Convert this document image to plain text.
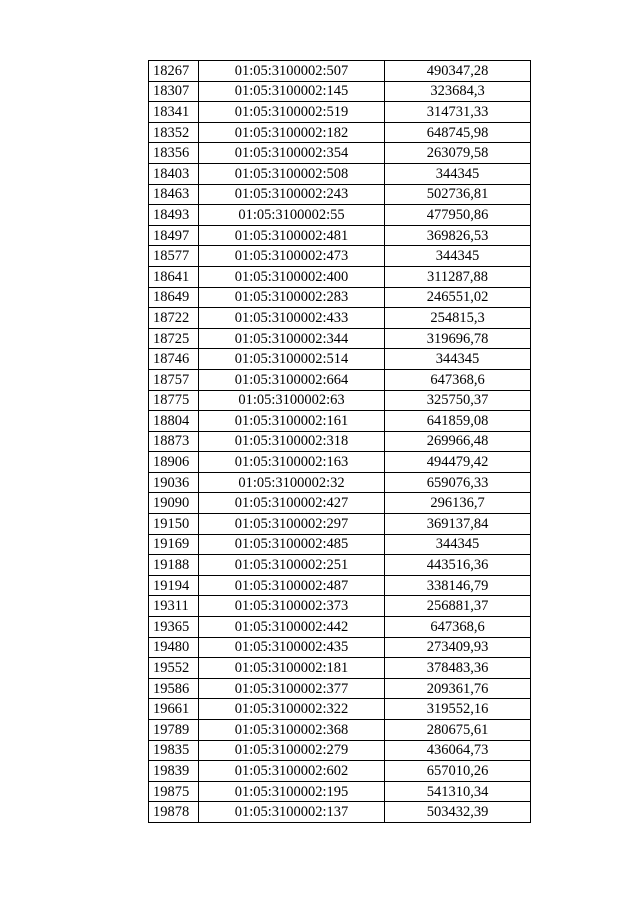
18267	01:05:3100002:507	490347,28
18307	01:05:3100002:145	323684,3
18341	01:05:3100002:519	314731,33
18352	01:05:3100002:182	648745,98
18356	01:05:3100002:354	263079,58
18403	01:05:3100002:508	344345
18463	01:05:3100002:243	502736,81
18493	01:05:3100002:55	477950,86
18497	01:05:3100002:481	369826,53
18577	01:05:3100002:473	344345
18641	01:05:3100002:400	311287,88
18649	01:05:3100002:283	246551,02
18722	01:05:3100002:433	254815,3
18725	01:05:3100002:344	319696,78
18746	01:05:3100002:514	344345
18757	01:05:3100002:664	647368,6
18775	01:05:3100002:63	325750,37
18804	01:05:3100002:161	641859,08
18873	01:05:3100002:318	269966,48
18906	01:05:3100002:163	494479,42
19036	01:05:3100002:32	659076,33
19090	01:05:3100002:427	296136,7
19150	01:05:3100002:297	369137,84
19169	01:05:3100002:485	344345
19188	01:05:3100002:251	443516,36
19194	01:05:3100002:487	338146,79
19311	01:05:3100002:373	256881,37
19365	01:05:3100002:442	647368,6
19480	01:05:3100002:435	273409,93
19552	01:05:3100002:181	378483,36
19586	01:05:3100002:377	209361,76
19661	01:05:3100002:322	319552,16
19789	01:05:3100002:368	280675,61
19835	01:05:3100002:279	436064,73
19839	01:05:3100002:602	657010,26
19875	01:05:3100002:195	541310,34
19878	01:05:3100002:137	503432,39
